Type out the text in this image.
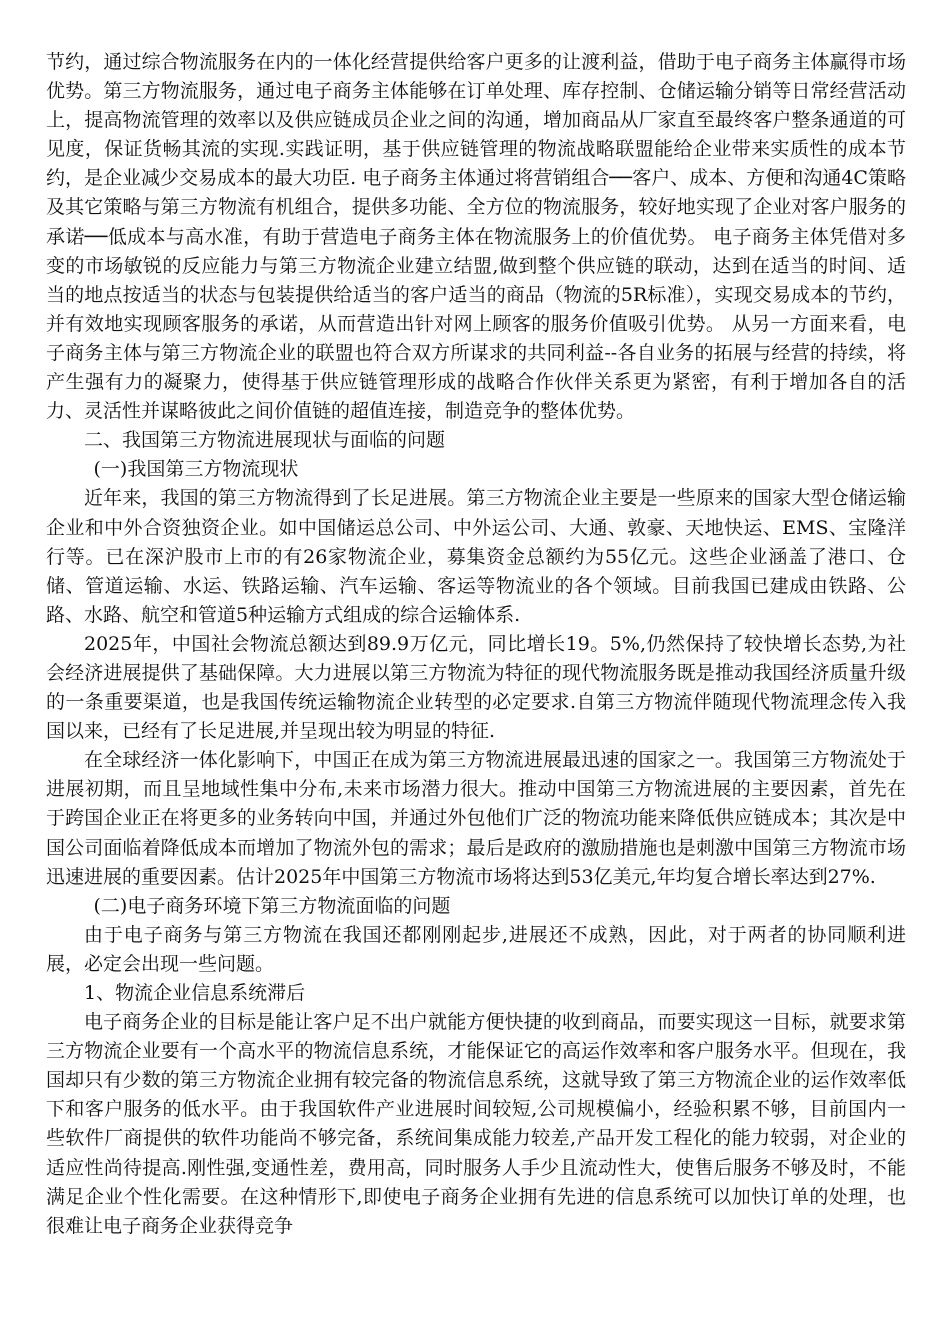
节约，通过综合物流服务在内的一体化经营提供给客户更多的让渡利益，借助于电子商务主体赢得市场优势。第三方物流服务，通过电子商务主体能够在订单处理、库存控制、仓储运输分销等日常经营活动上，提高物流管理的效率以及供应链成员企业之间的沟通，增加商品从厂家直至最终客户整条通道的可见度，保证货畅其流的实现.实践证明，基于供应链管理的物流战略联盟能给企业带来实质性的成本节约，是企业减少交易成本的最大功臣. 电子商务主体通过将营销组合──客户、成本、方便和沟通4C策略及其它策略与第三方物流有机组合，提供多功能、全方位的物流服务，较好地实现了企业对客户服务的承诺──低成本与高水准，有助于营造电子商务主体在物流服务上的价值优势。 电子商务主体凭借对多变的市场敏锐的反应能力与第三方物流企业建立结盟,做到整个供应链的联动，达到在适当的时间、适当的地点按适当的状态与包装提供给适当的客户适当的商品（物流的5R标准），实现交易成本的节约，并有效地实现顾客服务的承诺，从而营造出针对网上顾客的服务价值吸引优势。 从另一方面来看，电子商务主体与第三方物流企业的联盟也符合双方所谋求的共同利益--各自业务的拓展与经营的持续，将产生强有力的凝聚力，使得基于供应链管理形成的战略合作伙伴关系更为紧密，有利于增加各自的活力、灵活性并谋略彼此之间价值链的超值连接，制造竞争的整体优势。

二、我国第三方物流进展现状与面临的问题

(一)我国第三方物流现状

近年来，我国的第三方物流得到了长足进展。第三方物流企业主要是一些原来的国家大型仓储运输企业和中外合资独资企业。如中国储运总公司、中外运公司、大通、敦豪、天地快运、EMS、宝隆洋行等。已在深沪股市上市的有26家物流企业，募集资金总额约为55亿元。这些企业涵盖了港口、仓储、管道运输、水运、铁路运输、汽车运输、客运等物流业的各个领域。目前我国已建成由铁路、公路、水路、航空和管道5种运输方式组成的综合运输体系.

2025年，中国社会物流总额达到89.9万亿元，同比增长19。5%,仍然保持了较快增长态势,为社会经济进展提供了基础保障。大力进展以第三方物流为特征的现代物流服务既是推动我国经济质量升级的一条重要渠道，也是我国传统运输物流企业转型的必定要求.自第三方物流伴随现代物流理念传入我国以来，已经有了长足进展,并呈现出较为明显的特征.

在全球经济一体化影响下，中国正在成为第三方物流进展最迅速的国家之一。我国第三方物流处于进展初期，而且呈地域性集中分布,未来市场潜力很大。推动中国第三方物流进展的主要因素，首先在于跨国企业正在将更多的业务转向中国，并通过外包他们广泛的物流功能来降低供应链成本；其次是中国公司面临着降低成本而增加了物流外包的需求；最后是政府的激励措施也是刺激中国第三方物流市场迅速进展的重要因素。估计2025年中国第三方物流市场将达到53亿美元,年均复合增长率达到27%.

(二)电子商务环境下第三方物流面临的问题

由于电子商务与第三方物流在我国还都刚刚起步,进展还不成熟，因此，对于两者的协同顺利进展，必定会出现一些问题。

1、物流企业信息系统滞后

电子商务企业的目标是能让客户足不出户就能方便快捷的收到商品，而要实现这一目标，就要求第三方物流企业要有一个高水平的物流信息系统，才能保证它的高运作效率和客户服务水平。但现在，我国却只有少数的第三方物流企业拥有较完备的物流信息系统，这就导致了第三方物流企业的运作效率低下和客户服务的低水平。由于我国软件产业进展时间较短,公司规模偏小，经验积累不够，目前国内一些软件厂商提供的软件功能尚不够完备，系统间集成能力较差,产品开发工程化的能力较弱，对企业的适应性尚待提高.刚性强,变通性差，费用高，同时服务人手少且流动性大，使售后服务不够及时，不能满足企业个性化需要。在这种情形下,即使电子商务企业拥有先进的信息系统可以加快订单的处理，也很难让电子商务企业获得竞争
